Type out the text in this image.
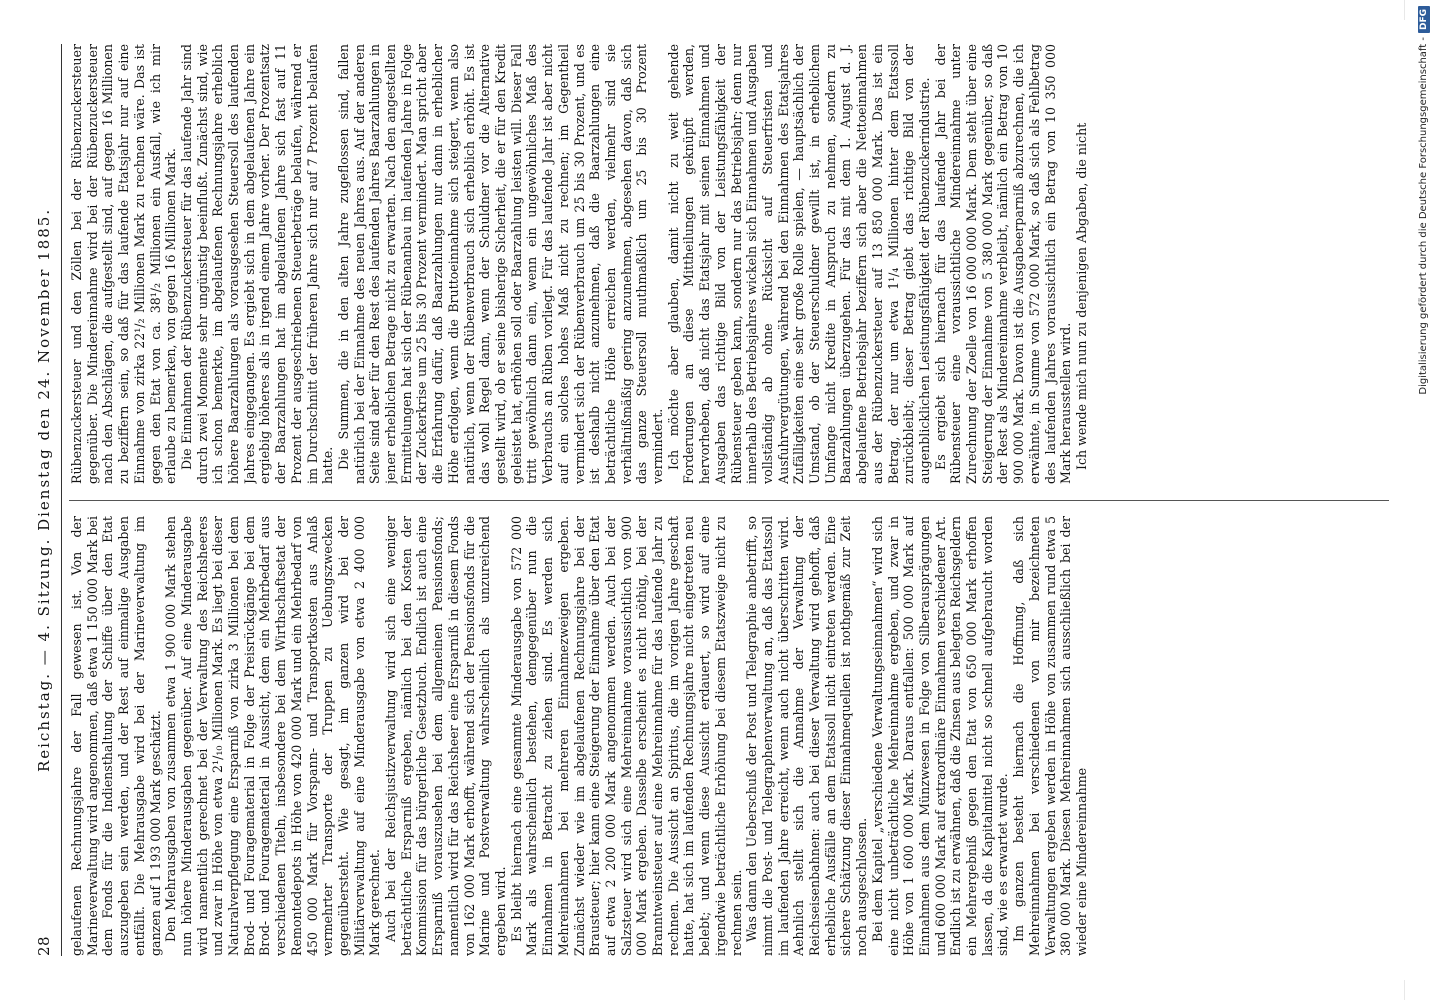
28
Reichstag. — 4. Sitzung. Dienstag den 24. November 1885. gelaufenen Rechnungsjahre der Fall gewesen ist. Von der Marineverwaltung wird angenommen, daß etwa 1 150 000 Mark bei dem Fonds für die Indiensthaltung der Schiffe über den Etat auszugeben sein werden, und der Rest auf einmalige Ausgaben entfällt. Die Mehrausgabe wird bei der Marineverwaltung im ganzen auf 1 193 000 Mark geschätzt. Den Mehrausgaben von zusammen etwa 1 900 000 Mark stehen nun höhere Minderausgaben gegenüber. Auf eine Minderausgabe wird namentlich gerechnet bei der Verwaltung des Reichsheeres und zwar in Höhe von etwa 2¹/₁₀ Millionen Mark. Es liegt bei dieser Naturalverpflegung eine Ersparniß von zirka 3 Millionen bei dem Brod- und Fouragematerial in Folge der Preisrückgänge bei dem Brod- und Fouragematerial in Aussicht, dem ein Mehrbedarf aus verschiedenen Titeln, insbesondere bei dem Wirthschaftsetat der Remontedepots in Höhe von 420 000 Mark und ein Mehrbedarf von 450 000 Mark für Vorspann- und Transportkosten aus Anlaß vermehrter Transporte der Truppen zu Uebungszwecken gegenübersteht. Wie gesagt, im ganzen wird bei der Militärverwaltung auf eine Minderausgabe von etwa 2 400 000 Mark gerechnet. Auch bei der Reichsjustizverwaltung wird sich eine weniger beträchtliche Ersparniß ergeben, nämlich bei den Kosten der Kommission für das bürgerliche Gesetzbuch. Endlich ist auch eine Ersparniß vorauszusehen bei dem allgemeinen Pensionsfonds; namentlich wird für das Reichsheer eine Ersparniß in diesem Fonds von 162 000 Mark erhofft, während sich der Pensionsfonds für die Marine und Postverwaltung wahrscheinlich als unzureichend ergeben wird. Es bleibt hiernach eine gesammte Minderausgabe von 572 000 Mark als wahrscheinlich bestehen, demgegenüber nun die Einnahmen in Betracht zu ziehen sind. Es werden sich Mehreinnahmen bei mehreren Einnahmezweigen ergeben. Zunächst wieder wie im abgelaufenen Rechnungsjahre bei der Brausteuer; hier kann eine Steigerung der Einnahme über den Etat auf etwa 2 200 000 Mark angenommen werden. Auch bei der Salzsteuer wird sich eine Mehreinnahme voraussichtlich von 900 000 Mark ergeben. Dasselbe erscheint es nicht nöthig, bei der Branntweinsteuer auf eine Mehreinnahme für das laufende Jahr zu rechnen. Die Aussicht an Spiritus, die im vorigen Jahre geschaft hatte, hat sich im laufenden Rechnungsjahre nicht eingetreten neu belebt; und wenn diese Aussicht erdauert, so wird auf eine irgendwie beträchtliche Erhöhung bei diesem Etatszweige nicht zu rechnen sein. Was dann den Ueberschuß der Post und Telegraphie anbetrifft, so nimmt die Post- und Telegraphenverwaltung an, daß das Etatssoll im laufenden Jahre erreicht, wenn auch nicht überschritten wird. Aehnlich stellt sich die Annahme der Verwaltung der Reichseisenbahnen: auch bei dieser Verwaltung wird gehofft, daß erhebliche Ausfälle an dem Etatssoll nicht eintreten werden. Eine sichere Schätzung dieser Einnahmequellen ist nothgemäß zur Zeit noch ausgeschlossen. Bei dem Kapitel „verschiedene Verwaltungseinnahmen“ wird sich eine nicht unbeträchtliche Mehreinnahme ergeben, und zwar in Höhe von 1 600 000 Mark. Daraus entfallen: 500 000 Mark auf Einnahmen aus dem Münzwesen in Folge von Silberausprägungen und 600 000 Mark auf extraordinäre Einnahmen verschiedener Art. Endlich ist zu erwähnen, daß die Zinsen aus belegten Reichsgeldern ein Mehrergebniß gegen den Etat von 650 000 Mark erhoffen lassen, da die Kapitalmittel nicht so schnell aufgebraucht worden sind, wie es erwartet wurde. Im ganzen besteht hiernach die Hoffnung, daß sich Mehreinnahmen bei verschiedenen von mir bezeichneten Verwaltungen ergeben werden in Höhe von zusammen rund etwa 5 380 000 Mark. Diesen Mehreinnahmen sich ausschließlich bei der wieder eine Mindereinnahme

Rübenzuckersteuer und den Zöllen bei der Rübenzuckersteuer gegenüber. Die Mindereinnahme wird bei der Rübenzuckersteuer nach den Abschlägen, die aufgestellt sind, auf gegen 16 Millionen zu beziffern sein, so daß für das laufende Etatsjahr nur auf eine Einnahme von zirka 22¹/₂ Millionen Mark zu rechnen wäre. Das ist gegen den Etat von ca. 38¹/₂ Millionen ein Ausfall, wie ich mir erlaube zu bemerken, von gegen 16 Millionen Mark. Die Einnahmen der Rübenzuckersteuer für das laufende Jahr sind durch zwei Momente sehr ungünstig beeinflußt. Zunächst sind, wie ich schon bemerkte, im abgelaufenen Rechnungsjahre erheblich höhere Baarzahlungen als vorausgesehen Steuersoll des laufenden Jahres eingegangen. Es ergiebt sich in dem abgelaufenen Jahre ein ergiebig höheres als in irgend einem Jahre vorher. Der Prozentsatz der Baarzahlungen hat im abgelaufenen Jahre sich fast auf 11 Prozent der ausgeschriebenen Steuerbeträge belaufen, während er im Durchschnitt der früheren Jahre sich nur auf 7 Prozent belaufen hatte. Die Summen, die in den alten Jahre zugeflossen sind, fallen natürlich bei der Einnahme des neuen Jahres aus. Auf der anderen Seite sind aber für den Rest des laufenden Jahres Baarzahlungen in jener erheblichen Betrage nicht zu erwarten. Nach den angestellten Ermittelungen hat sich der Rübenanbau im laufenden Jahre in Folge der Zuckerkrise um 25 bis 30 Prozent vermindert. Man spricht aber die Erfahrung dafür, daß Baarzahlungen nur dann in erheblicher Höhe erfolgen, wenn die Bruttoeinnahme sich steigert, wenn also natürlich, wenn der Rübenverbrauch sich erheblich erhöht. Es ist das wohl Regel dann, wenn der Schuldner vor die Alternative gestellt wird, ob er seine bisherige Sicherheit, die er für den Kredit geleistet hat, erhöhen soll oder Baarzahlung leisten will. Dieser Fall tritt gewöhnlich dann ein, wenn ein ungewöhnliches Maß des Verbrauchs an Rüben vorliegt. Für das laufende Jahr ist aber nicht auf ein solches hohes Maß nicht zu rechnen; im Gegentheil vermindert sich der Rübenverbrauch um 25 bis 30 Prozent, und es ist deshalb nicht anzunehmen, daß die Baarzahlungen eine beträchtliche Höhe erreichen werden, vielmehr sind sie verhältnißmäßig gering anzunehmen, abgesehen davon, daß sich das ganze Steuersoll muthmaßlich um 25 bis 30 Prozent vermindert. Ich möchte aber glauben, damit nicht zu weit gehende Forderungen an diese Mittheilungen geknüpft werden, hervorheben, daß nicht das Etatsjahr mit seinen Einnahmen und Ausgaben das richtige Bild von der Leistungsfähigkeit der Rübensteuer geben kann, sondern nur das Betriebsjahr; denn nur innerhalb des Betriebsjahres wickeln sich Einnahmen und Ausgaben vollständig ab ohne Rücksicht auf Steuerfristen und Ausfuhrvergütungen, während bei den Einnahmen des Etatsjahres Zufälligkeiten eine sehr große Rolle spielen, — hauptsächlich der Umstand, ob der Steuerschuldner gewillt ist, in erheblichem Umfange nicht Kredite in Anspruch zu nehmen, sondern zu Baarzahlungen überzugehen. Für das mit dem 1. August d. J. abgelaufene Betriebsjahr beziffern sich aber die Nettoeinnahmen aus der Rübenzuckersteuer auf 13 850 000 Mark. Das ist ein Betrag, der nur um etwa 1¹/₄ Millionen hinter dem Etatssoll zurückbleibt; dieser Betrag giebt das richtige Bild von der augenblicklichen Leistungsfähigkeit der Rübenzuckerindustrie. Es ergiebt sich hiernach für das laufende Jahr bei der Rübensteuer eine voraussichtliche Mindereinnahme unter Zurechnung der Zoelle von 16 000 000 Mark. Dem steht über eine Steigerung der Einnahme von 5 380 000 Mark gegenüber, so daß der Rest als Mindereinnahme verbleibt, nämlich ein Betrag von 10 900 000 Mark. Davon ist die Ausgabeerparniß abzurechnen, die ich erwähnte, in Summe von 572 000 Mark, so daß sich als Fehlbetrag des laufenden Jahres voraussichtlich ein Betrag von 10 350 000 Mark herausstellen wird. Ich wende mich nun zu denjenigen Abgaben, die nicht	Digitalisierung gefördert durch die Deutsche Forschungsgemeinschaft -
DFG
